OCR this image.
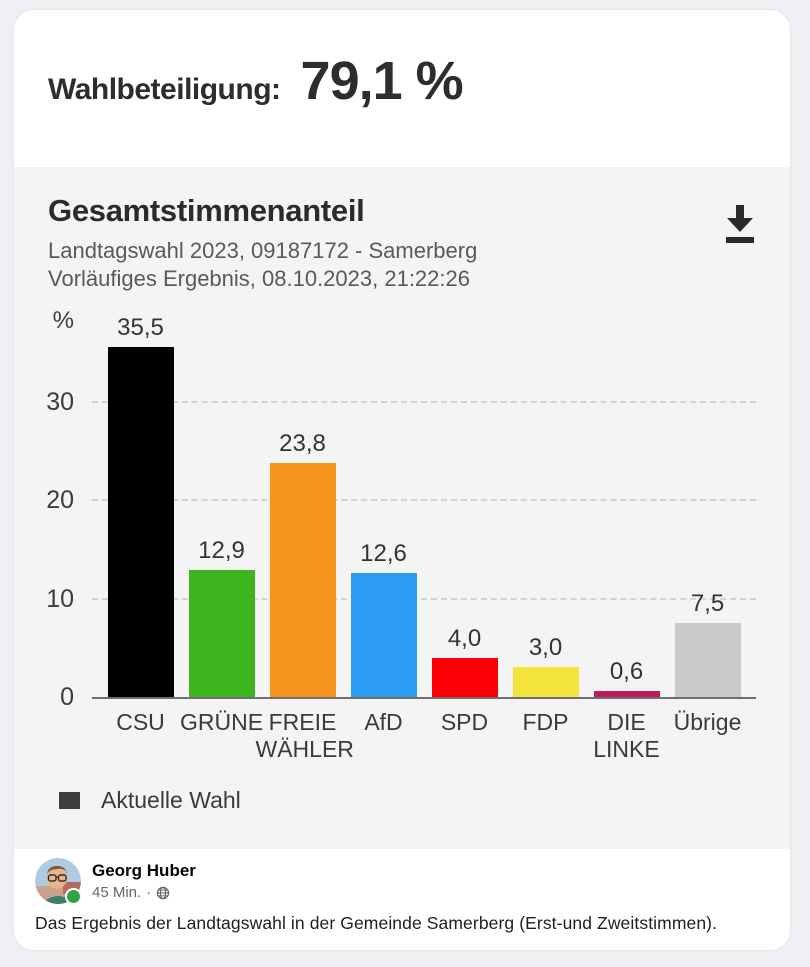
Wahlbeteiligung: 79,1 %
Gesamtstimmenanteil
Landtagswahl 2023, 09187172 - Samerberg
Vorläufiges Ergebnis, 08.10.2023, 21:22:26
%
0
10
20
30
35,5
CSU
12,9
GRÜNE
23,8
FREIE WÄHLER
12,6
AfD
4,0
SPD
3,0
FDP
0,6
DIE LINKE
7,5
Übrige
Aktuelle Wahl
Georg Huber
45 Min. ·
Das Ergebnis der Landtagswahl in der Gemeinde Samerberg (Erst-und Zweitstimmen).
